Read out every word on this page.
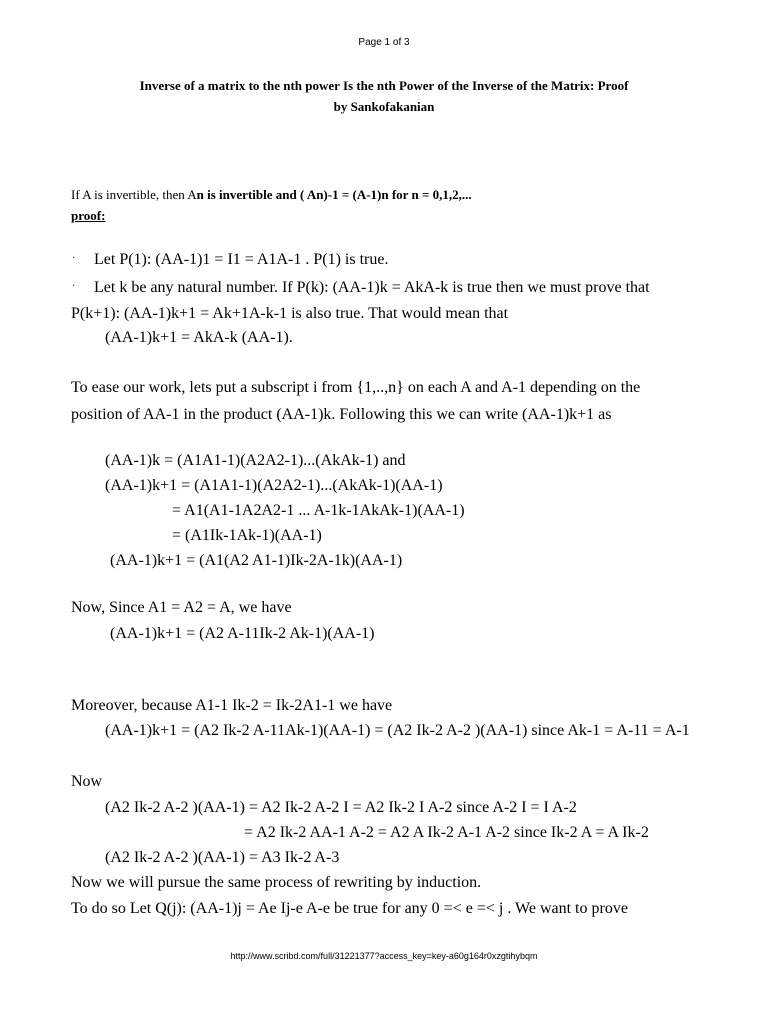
Page 1 of 3
Inverse of a matrix to the nth power Is the nth Power of the Inverse of the Matrix: Proof
by Sankofakanian
If A is invertible, then An is invertible and ( An)-1 = (A-1)n for n = 0,1,2,...
proof:
· Let P(1): (AA-1)1 = I1 = A1A-1 . P(1) is true.
· Let k be any natural number. If P(k): (AA-1)k = AkA-k is true then we must prove that
P(k+1): (AA-1)k+1 = Ak+1A-k-1 is also true. That would mean that
(AA-1)k+1 = AkA-k (AA-1).
To ease our work, lets put a subscript i from {1,..,n} on each A and A-1 depending on the
position of AA-1 in the product (AA-1)k. Following this we can write (AA-1)k+1 as
(AA-1)k = (A1A1-1)(A2A2-1)...(AkAk-1) and
(AA-1)k+1 = (A1A1-1)(A2A2-1)...(AkAk-1)(AA-1)
= A1(A1-1A2A2-1 ... A-1k-1AkAk-1)(AA-1)
= (A1Ik-1Ak-1)(AA-1)
(AA-1)k+1 = (A1(A2 A1-1)Ik-2A-1k)(AA-1)
Now, Since A1 = A2 = A, we have
(AA-1)k+1 = (A2 A-11Ik-2 Ak-1)(AA-1)
Moreover, because A1-1 Ik-2 = Ik-2A1-1 we have
(AA-1)k+1 = (A2 Ik-2 A-11Ak-1)(AA-1) = (A2 Ik-2 A-2 )(AA-1) since Ak-1 = A-11 = A-1
Now
(A2 Ik-2 A-2 )(AA-1) = A2 Ik-2 A-2 I = A2 Ik-2 I A-2 since A-2 I = I A-2
= A2 Ik-2 AA-1 A-2 = A2 A Ik-2 A-1 A-2 since Ik-2 A = A Ik-2
(A2 Ik-2 A-2 )(AA-1) = A3 Ik-2 A-3
Now we will pursue the same process of rewriting by induction.
To do so Let Q(j): (AA-1)j = Ae Ij-e A-e be true for any 0 =< e =< j . We want to prove
http://www.scribd.com/full/31221377?access_key=key-a60g164r0xzgtihybqm
